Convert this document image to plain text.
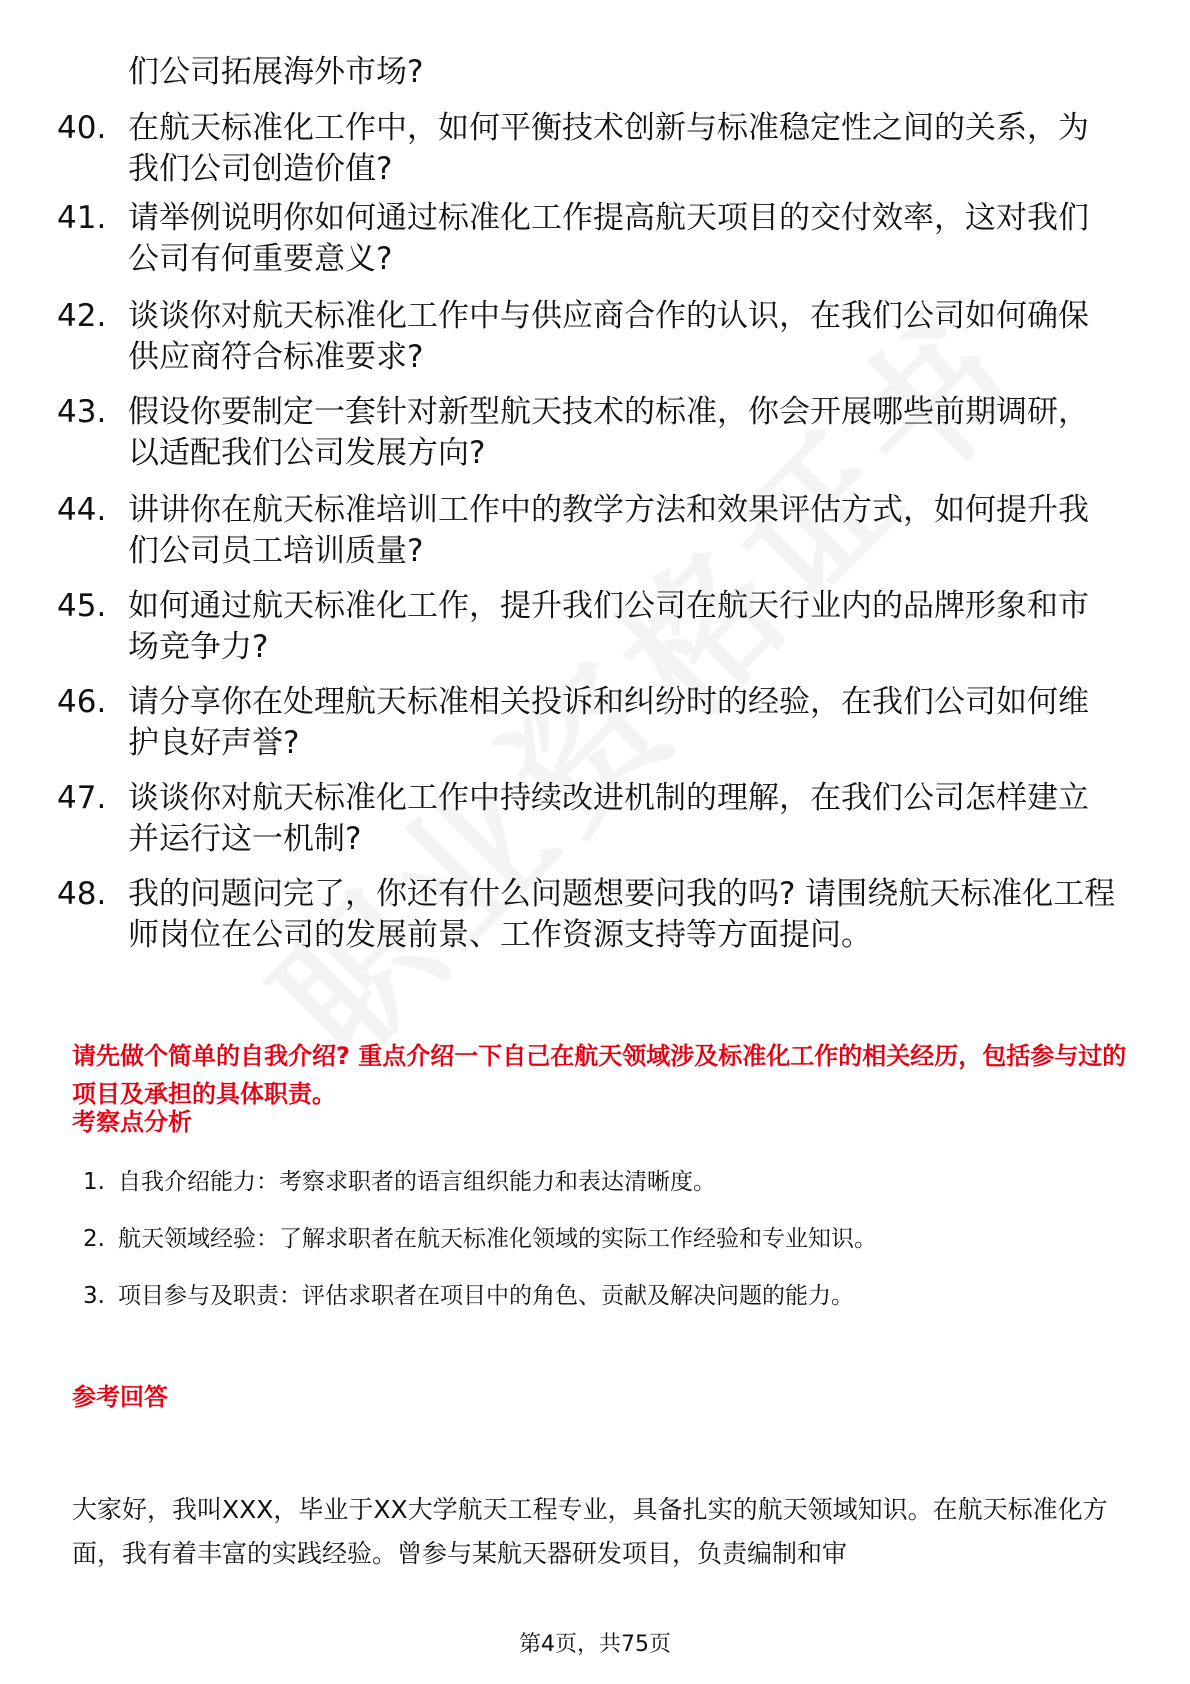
们公司拓展海外市场?
40. 在航天标准化工作中，如何平衡技术创新与标准稳定性之间的关系，为我们公司创造价值?
41. 请举例说明你如何通过标准化工作提高航天项目的交付效率，这对我们公司有何重要意义?
42. 谈谈你对航天标准化工作中与供应商合作的认识，在我们公司如何确保供应商符合标准要求?
43. 假设你要制定一套针对新型航天技术的标准，你会开展哪些前期调研，以适配我们公司发展方向?
44. 讲讲你在航天标准培训工作中的教学方法和效果评估方式，如何提升我们公司员工培训质量?
45. 如何通过航天标准化工作，提升我们公司在航天行业内的品牌形象和市场竞争力?
46. 请分享你在处理航天标准相关投诉和纠纷时的经验，在我们公司如何维护良好声誉?
47. 谈谈你对航天标准化工作中持续改进机制的理解，在我们公司怎样建立并运行这一机制?
48. 我的问题问完了，你还有什么问题想要问我的吗? 请围绕航天标准化工程师岗位在公司的发展前景、工作资源支持等方面提问。
请先做个简单的自我介绍? 重点介绍一下自己在航天领域涉及标准化工作的相关经历，包括参与过的项目及承担的具体职责。
考察点分析
1. 自我介绍能力：考察求职者的语言组织能力和表达清晰度。
2. 航天领域经验：了解求职者在航天标准化领域的实际工作经验和专业知识。
3. 项目参与及职责：评估求职者在项目中的角色、贡献及解决问题的能力。
参考回答
大家好，我叫XXX，毕业于XX大学航天工程专业，具备扎实的航天领域知识。在航天标准化方面，我有着丰富的实践经验。曾参与某航天器研发项目，负责编制和审
第4页，共75页
